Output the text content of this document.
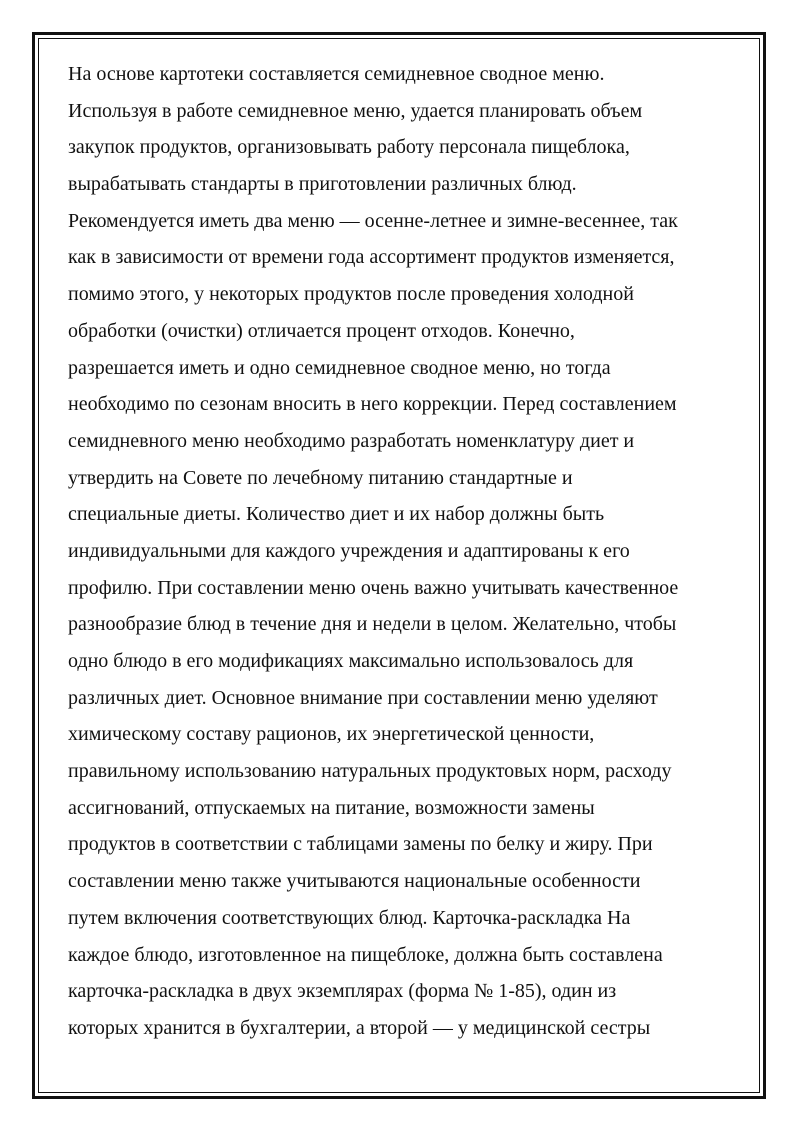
На основе картотеки составляется семидневное сводное меню.
Используя в работе семидневное меню, удается планировать объем
закупок продуктов, организовывать работу персонала пищеблока,
вырабатывать стандарты в приготовлении различных блюд.
Рекомендуется иметь два меню — осенне-летнее и зимне-весеннее, так
как в зависимости от времени года ассортимент продуктов изменяется,
помимо этого, у некоторых продуктов после проведения холодной
обработки (очистки) отличается процент отходов. Конечно,
разрешается иметь и одно семидневное сводное меню, но тогда
необходимо по сезонам вносить в него коррекции. Перед составлением
семидневного меню необходимо разработать номенклатуру диет и
утвердить на Совете по лечебному питанию стандартные и
специальные диеты. Количество диет и их набор должны быть
индивидуальными для каждого учреждения и адаптированы к его
профилю. При составлении меню очень важно учитывать качественное
разнообразие блюд в течение дня и недели в целом. Желательно, чтобы
одно блюдо в его модификациях максимально использовалось для
различных диет. Основное внимание при составлении меню уделяют
химическому составу рационов, их энергетической ценности,
правильному использованию натуральных продуктовых норм, расходу
ассигнований, отпускаемых на питание, возможности замены
продуктов в соответствии с таблицами замены по белку и жиру. При
составлении меню также учитываются национальные особенности
путем включения соответствующих блюд. Карточка-раскладка На
каждое блюдо, изготовленное на пищеблоке, должна быть составлена
карточка-раскладка в двух экземплярах (форма № 1-85), один из
которых хранится в бухгалтерии, а второй — у медицинской сестры
